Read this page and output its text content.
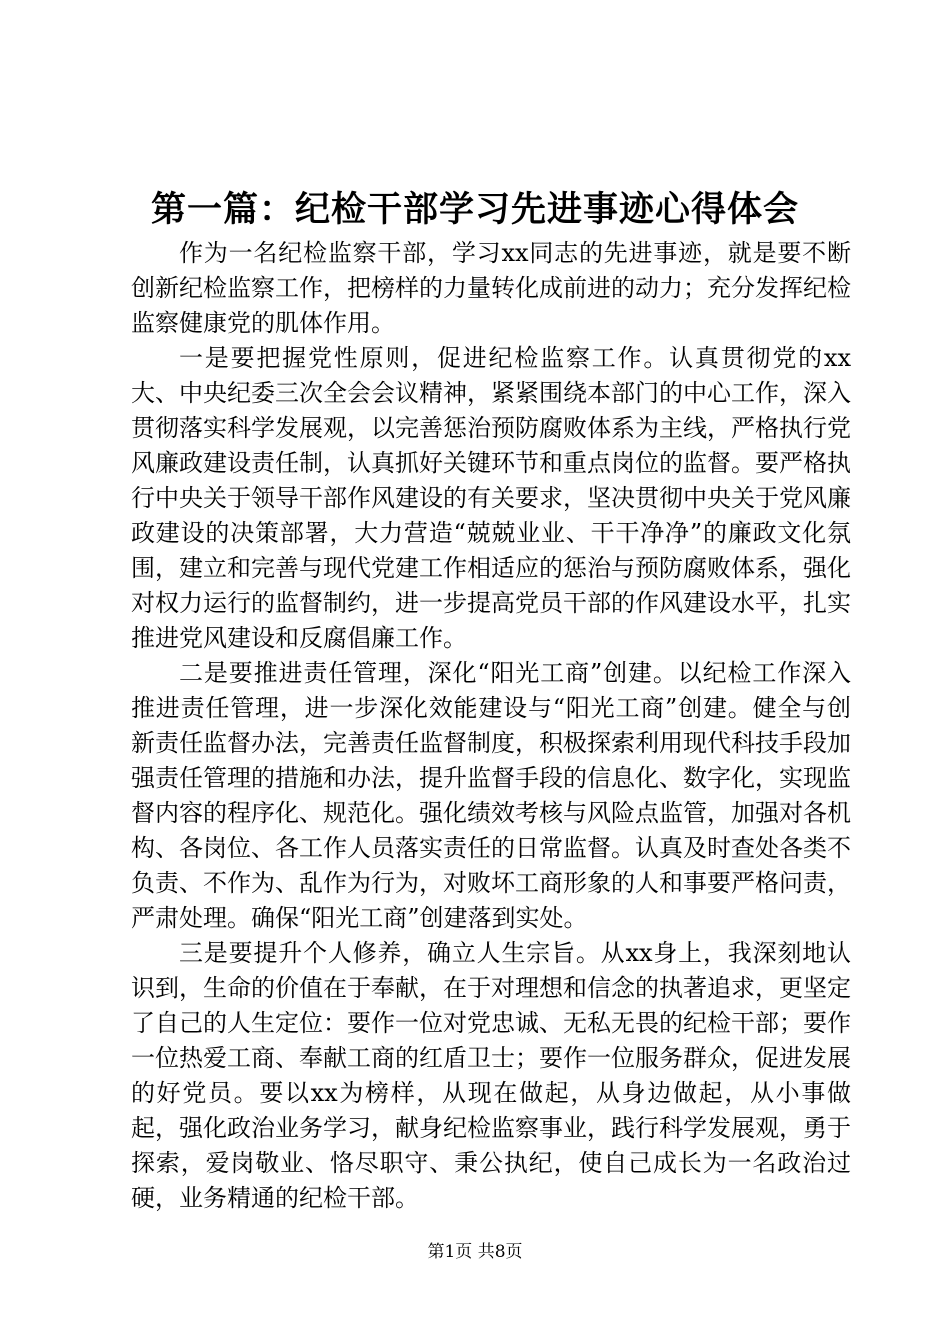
第一篇：纪检干部学习先进事迹心得体会

作为一名纪检监察干部，学习xx同志的先进事迹，就是要不断创新纪检监察工作，把榜样的力量转化成前进的动力；充分发挥纪检监察健康党的肌体作用。

一是要把握党性原则，促进纪检监察工作。认真贯彻党的xx大、中央纪委三次全会会议精神，紧紧围绕本部门的中心工作，深入贯彻落实科学发展观，以完善惩治预防腐败体系为主线，严格执行党风廉政建设责任制，认真抓好关键环节和重点岗位的监督。要严格执行中央关于领导干部作风建设的有关要求，坚决贯彻中央关于党风廉政建设的决策部署，大力营造“兢兢业业、干干净净”的廉政文化氛围，建立和完善与现代党建工作相适应的惩治与预防腐败体系，强化对权力运行的监督制约，进一步提高党员干部的作风建设水平，扎实推进党风建设和反腐倡廉工作。

二是要推进责任管理，深化“阳光工商”创建。以纪检工作深入推进责任管理，进一步深化效能建设与“阳光工商”创建。健全与创新责任监督办法，完善责任监督制度，积极探索利用现代科技手段加强责任管理的措施和办法，提升监督手段的信息化、数字化，实现监督内容的程序化、规范化。强化绩效考核与风险点监管，加强对各机构、各岗位、各工作人员落实责任的日常监督。认真及时查处各类不负责、不作为、乱作为行为，对败坏工商形象的人和事要严格问责，严肃处理。确保“阳光工商”创建落到实处。

三是要提升个人修养，确立人生宗旨。从xx身上，我深刻地认识到，生命的价值在于奉献，在于对理想和信念的执著追求，更坚定了自己的人生定位：要作一位对党忠诚、无私无畏的纪检干部；要作一位热爱工商、奉献工商的红盾卫士；要作一位服务群众，促进发展的好党员。要以xx为榜样，从现在做起，从身边做起，从小事做起，强化政治业务学习，献身纪检监察事业，践行科学发展观，勇于探索，爱岗敬业、恪尽职守、秉公执纪，使自己成长为一名政治过硬，业务精通的纪检干部。

第1页 共8页
